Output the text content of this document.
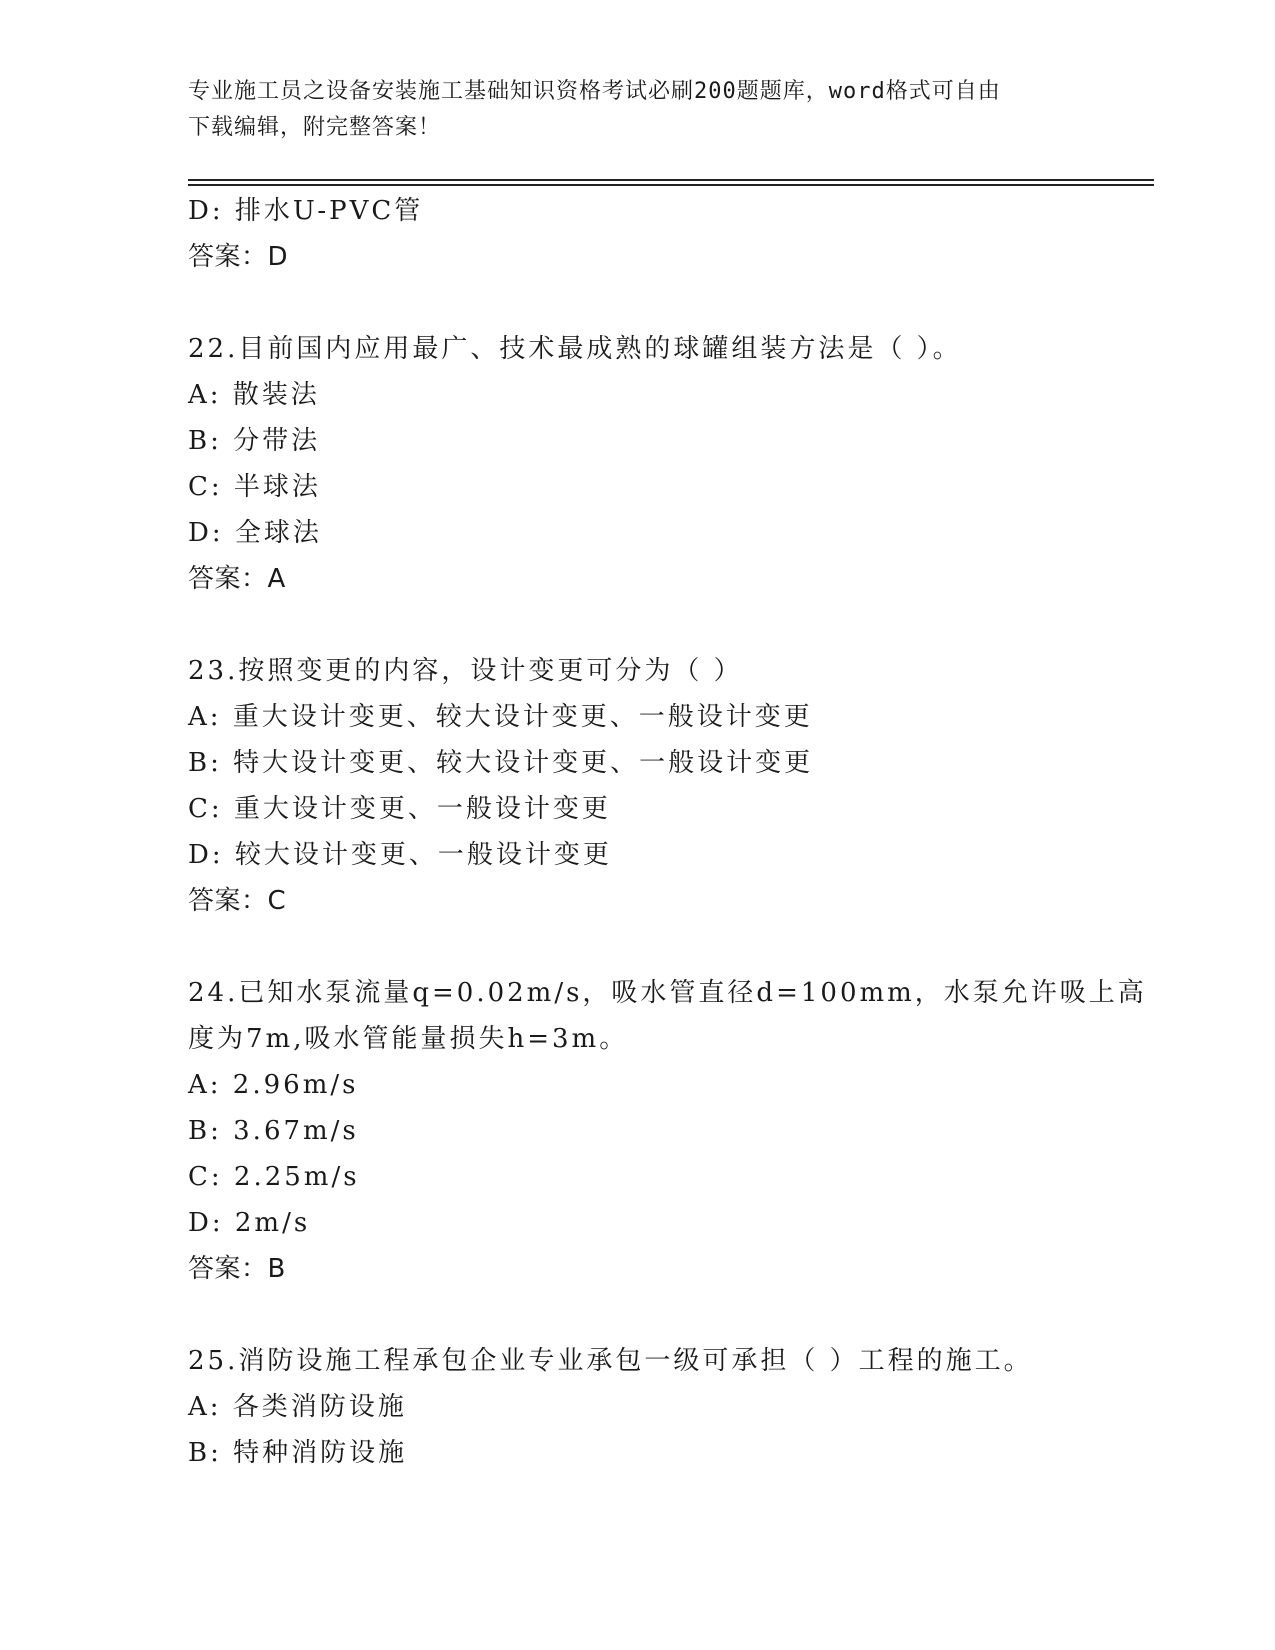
专业施工员之设备安装施工基础知识资格考试必刷200题题库，word格式可自由
下载编辑，附完整答案！
D: 排水U-PVC管
答案：D
22.目前国内应用最广、技术最成熟的球罐组装方法是（ ）。
A: 散装法
B: 分带法
C: 半球法
D: 全球法
答案：A
23.按照变更的内容，设计变更可分为（ ）
A: 重大设计变更、较大设计变更、一般设计变更
B: 特大设计变更、较大设计变更、一般设计变更
C: 重大设计变更、一般设计变更
D: 较大设计变更、一般设计变更
答案：C
24.已知水泵流量q=0.02m/s，吸水管直径d=100mm，水泵允许吸上高
度为7m,吸水管能量损失h=3m。
A: 2.96m/s
B: 3.67m/s
C: 2.25m/s
D: 2m/s
答案：B
25.消防设施工程承包企业专业承包一级可承担（ ）工程的施工。
A: 各类消防设施
B: 特种消防设施
